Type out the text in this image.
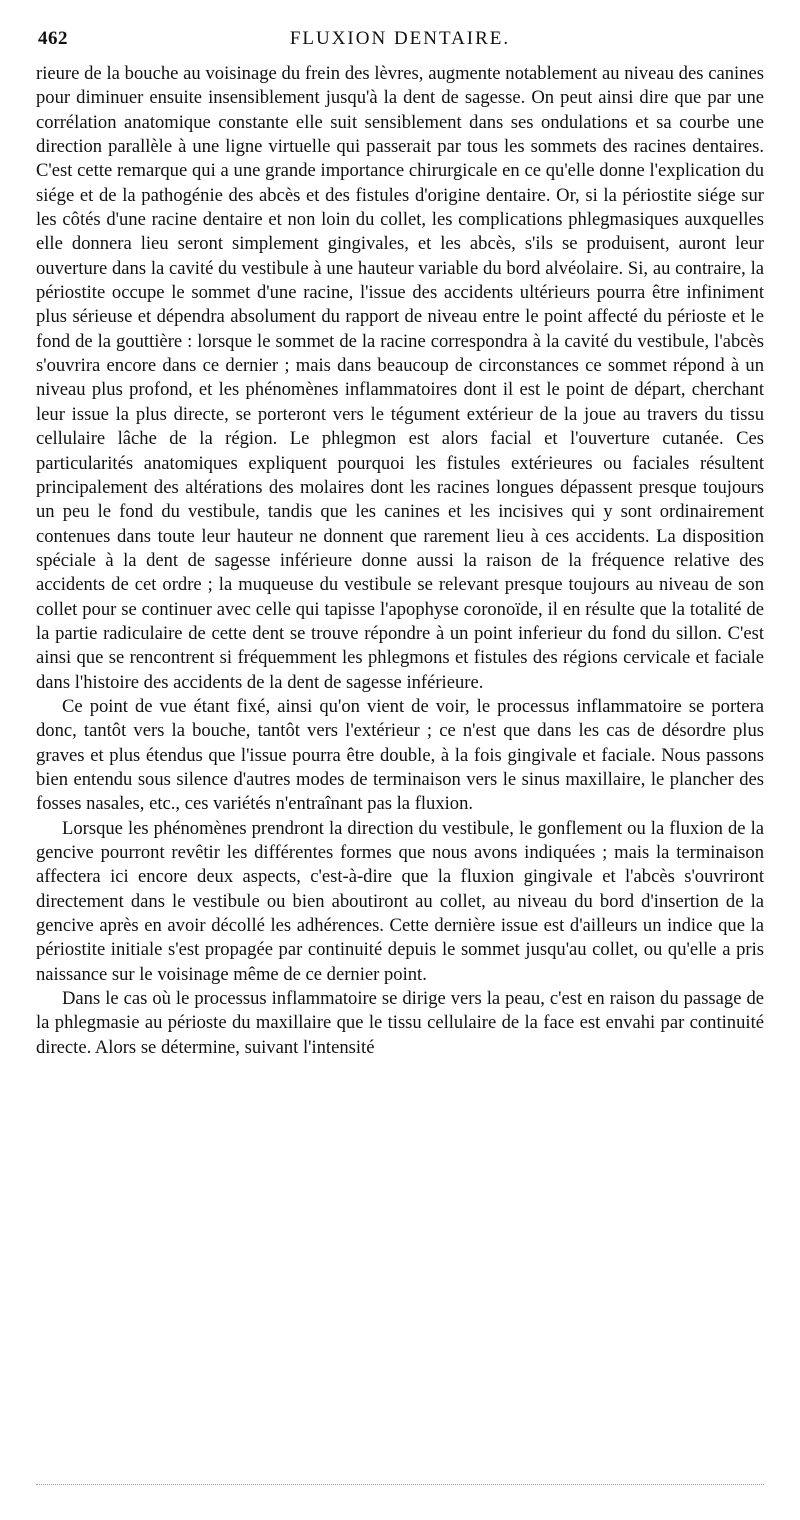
462	FLUXION DENTAIRE.

rieure de la bouche au voisinage du frein des lèvres, augmente notablement au niveau des canines pour diminuer ensuite insensiblement jusqu'à la dent de sagesse. On peut ainsi dire que par une corrélation anatomique constante elle suit sensiblement dans ses ondulations et sa courbe une direction parallèle à une ligne virtuelle qui passerait par tous les sommets des racines dentaires. C'est cette remarque qui a une grande importance chirurgicale en ce qu'elle donne l'explication du siége et de la pathogénie des abcès et des fistules d'origine dentaire. Or, si la périostite siége sur les côtés d'une racine dentaire et non loin du collet, les complications phlegmasiques auxquelles elle donnera lieu seront simplement gingivales, et les abcès, s'ils se produisent, auront leur ouverture dans la cavité du vestibule à une hauteur variable du bord alvéolaire. Si, au contraire, la périostite occupe le sommet d'une racine, l'issue des accidents ultérieurs pourra être infiniment plus sérieuse et dépendra absolument du rapport de niveau entre le point affecté du périoste et le fond de la gouttière : lorsque le sommet de la racine correspondra à la cavité du vestibule, l'abcès s'ouvrira encore dans ce dernier ; mais dans beaucoup de circonstances ce sommet répond à un niveau plus profond, et les phénomènes inflammatoires dont il est le point de départ, cherchant leur issue la plus directe, se porteront vers le tégument extérieur de la joue au travers du tissu cellulaire lâche de la région. Le phlegmon est alors facial et l'ouverture cutanée. Ces particularités anatomiques expliquent pourquoi les fistules extérieures ou faciales résultent principalement des altérations des molaires dont les racines longues dépassent presque toujours un peu le fond du vestibule, tandis que les canines et les incisives qui y sont ordinairement contenues dans toute leur hauteur ne donnent que rarement lieu à ces accidents. La disposition spéciale à la dent de sagesse inférieure donne aussi la raison de la fréquence relative des accidents de cet ordre ; la muqueuse du vestibule se relevant presque toujours au niveau de son collet pour se continuer avec celle qui tapisse l'apophyse coronoïde, il en résulte que la totalité de la partie radiculaire de cette dent se trouve répondre à un point inferieur du fond du sillon. C'est ainsi que se rencontrent si fréquemment les phlegmons et fistules des régions cervicale et faciale dans l'histoire des accidents de la dent de sagesse inférieure.

Ce point de vue étant fixé, ainsi qu'on vient de voir, le processus inflammatoire se portera donc, tantôt vers la bouche, tantôt vers l'extérieur ; ce n'est que dans les cas de désordre plus graves et plus étendus que l'issue pourra être double, à la fois gingivale et faciale. Nous passons bien entendu sous silence d'autres modes de terminaison vers le sinus maxillaire, le plancher des fosses nasales, etc., ces variétés n'entraînant pas la fluxion.

Lorsque les phénomènes prendront la direction du vestibule, le gonflement ou la fluxion de la gencive pourront revêtir les différentes formes que nous avons indiquées ; mais la terminaison affectera ici encore deux aspects, c'est-à-dire que la fluxion gingivale et l'abcès s'ouvriront directement dans le vestibule ou bien aboutiront au collet, au niveau du bord d'insertion de la gencive après en avoir décollé les adhérences. Cette dernière issue est d'ailleurs un indice que la périostite initiale s'est propagée par continuité depuis le sommet jusqu'au collet, ou qu'elle a pris naissance sur le voisinage même de ce dernier point.

Dans le cas où le processus inflammatoire se dirige vers la peau, c'est en raison du passage de la phlegmasie au périoste du maxillaire que le tissu cellulaire de la face est envahi par continuité directe. Alors se détermine, suivant l'intensité
